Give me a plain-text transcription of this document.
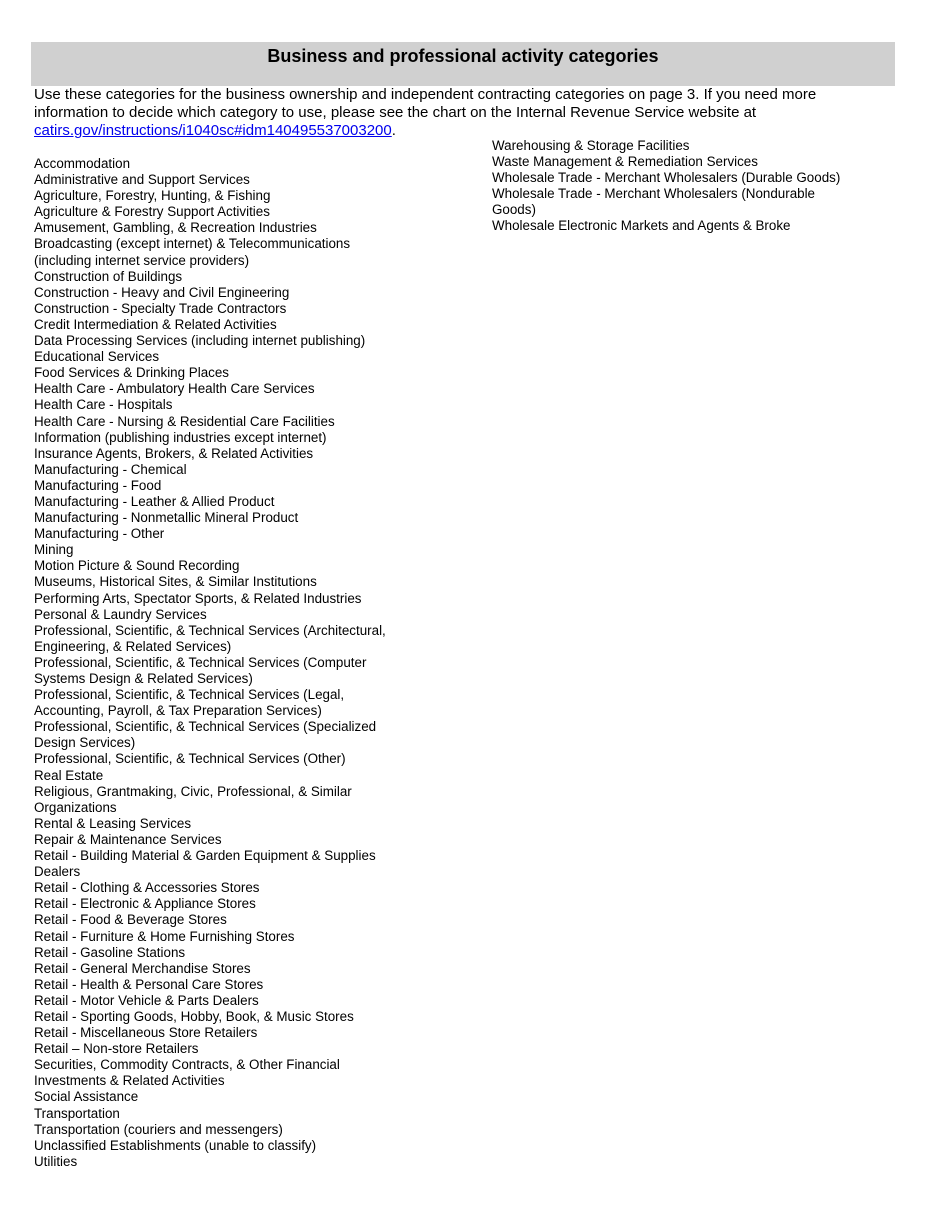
Business and professional activity categories

Use these categories for the business ownership and independent contracting categories on page 3. If you need more information to decide which category to use, please see the chart on the Internal Revenue Service website at catirs.gov/instructions/i1040sc#idm140495537003200.

Accommodation
Administrative and Support Services
Agriculture, Forestry, Hunting, & Fishing
Agriculture & Forestry Support Activities
Amusement, Gambling, & Recreation Industries
Broadcasting (except internet) & Telecommunications (including internet service providers)
Construction of Buildings
Construction - Heavy and Civil Engineering
Construction - Specialty Trade Contractors
Credit Intermediation & Related Activities
Data Processing Services (including internet publishing)
Educational Services
Food Services & Drinking Places
Health Care - Ambulatory Health Care Services
Health Care - Hospitals
Health Care - Nursing & Residential Care Facilities
Information (publishing industries except internet)
Insurance Agents, Brokers, & Related Activities
Manufacturing - Chemical
Manufacturing - Food
Manufacturing - Leather & Allied Product
Manufacturing - Nonmetallic Mineral Product
Manufacturing - Other
Mining
Motion Picture & Sound Recording
Museums, Historical Sites, & Similar Institutions
Performing Arts, Spectator Sports, & Related Industries
Personal & Laundry Services
Professional, Scientific, & Technical Services (Architectural, Engineering, & Related Services)
Professional, Scientific, & Technical Services (Computer Systems Design & Related Services)
Professional, Scientific, & Technical Services (Legal, Accounting, Payroll, & Tax Preparation Services)
Professional, Scientific, & Technical Services (Specialized Design Services)
Professional, Scientific, & Technical Services (Other)
Real Estate
Religious, Grantmaking, Civic, Professional, & Similar Organizations
Rental & Leasing Services
Repair & Maintenance Services
Retail - Building Material & Garden Equipment & Supplies Dealers
Retail - Clothing & Accessories Stores
Retail - Electronic & Appliance Stores
Retail - Food & Beverage Stores
Retail - Furniture & Home Furnishing Stores
Retail - Gasoline Stations
Retail - General Merchandise Stores
Retail - Health & Personal Care Stores
Retail - Motor Vehicle & Parts Dealers
Retail - Sporting Goods, Hobby, Book, & Music Stores
Retail - Miscellaneous Store Retailers
Retail – Non-store Retailers
Securities, Commodity Contracts, & Other Financial Investments & Related Activities
Social Assistance
Transportation
Transportation (couriers and messengers)
Unclassified Establishments (unable to classify)
Utilities
Warehousing & Storage Facilities
Waste Management & Remediation Services
Wholesale Trade - Merchant Wholesalers (Durable Goods)
Wholesale Trade - Merchant Wholesalers (Nondurable Goods)
Wholesale Electronic Markets and Agents & Broke
